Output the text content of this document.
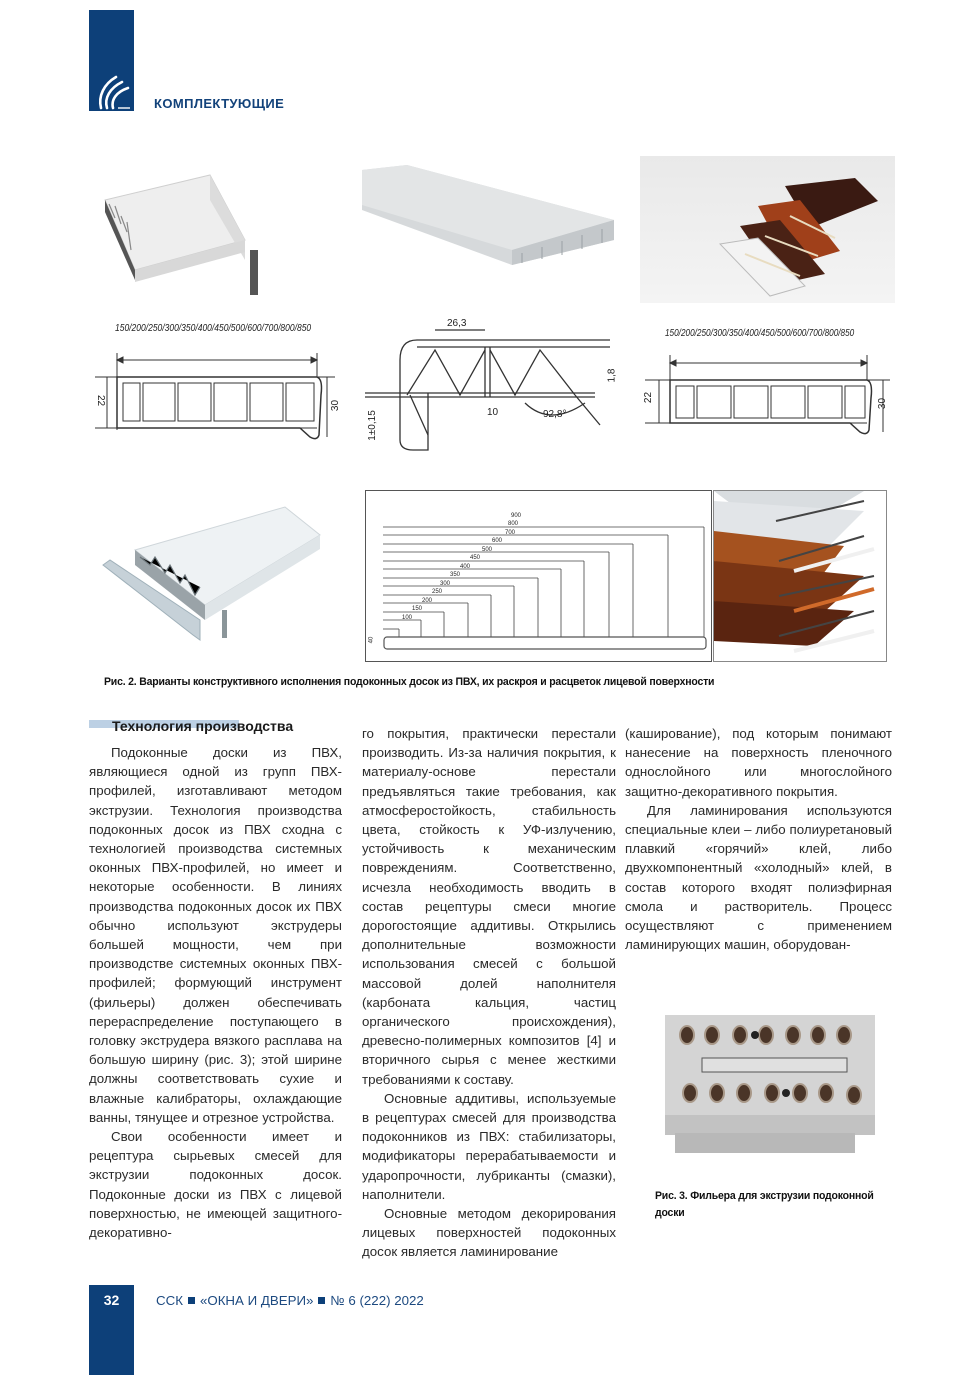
КОМПЛЕКТУЮЩИЕ
150/200/250/300/350/400/450/500/600/700/800/850
22	30
26,3
10	92,8°
1,8
1±0,15
150/200/250/300/350/400/450/500/600/700/800/850
22
30
900
800
700
600
500
450
400
350
300
250
200
150
100
40
Рис. 2. Варианты конструктивного исполнения подоконных досок из ПВХ, их раскроя и расцветок лицевой поверхности
Технология производства

Подоконные доски из ПВХ, являющиеся одной из групп ПВХ-профилей, изготавливают методом экструзии. Технология производства подоконных досок из ПВХ сходна с технологией производства системных оконных ПВХ-профилей, но имеет и некоторые особенности. В линиях производства подоконных досок их ПВХ обычно используют экструдеры большей мощности, чем при производстве системных оконных ПВХ-профилей; формующий инструмент (фильеры) должен обеспечивать перераспределение поступающего в головку экструдера вязкого расплава на большую ширину (рис. 3); этой ширине должны соответствовать сухие и влажные калибраторы, охлаждающие ванны, тянущее и отрезное устройства.

Свои особенности имеет и рецептура сырьевых смесей для экструзии подоконных досок. Подоконные доски из ПВХ с лицевой поверхностью, не имеющей защитного-декоративно-

го покрытия, практически перестали производить. Из-за наличия покрытия, к материалу-основе перестали предъявляться такие требования, как атмосферостойкость, стабильность цвета, стойкость к УФ-излучению, устойчивость к механическим повреждениям. Соответственно, исчезла необходимость вводить в состав рецептуры смеси многие дорогостоящие аддитивы. Открылись дополнительные возможности использования смесей с большой массовой долей наполнителя (карбоната кальция, частиц органического происхождения), древесно-полимерных композитов [4] и вторичного сырья с менее жесткими требованиями к составу.

Основные аддитивы, используемые в рецептурах смесей для производства подоконников из ПВХ: стабилизаторы, модификаторы перерабатываемости и ударопрочности, лубриканты (смазки), наполнители.

Основные методом декорирования лицевых поверхностей подоконных досок является ламинирование

(каширование), под которым понимают нанесение на поверхность пленочного однослойного или многослойного защитно-декоративного покрытия.

Для ламинирования используются специальные клеи – либо полиуретановый плавкий «горячий» клей, либо двухкомпонентный «холодный» клей, в состав которого входят полиэфирная смола и растворитель. Процесс осуществляют с применением ламинирующих машин, оборудован-

Рис. 3. Фильера для экструзии подоконной доски
32	ССК «ОКНА И ДВЕРИ» № 6 (222) 2022
